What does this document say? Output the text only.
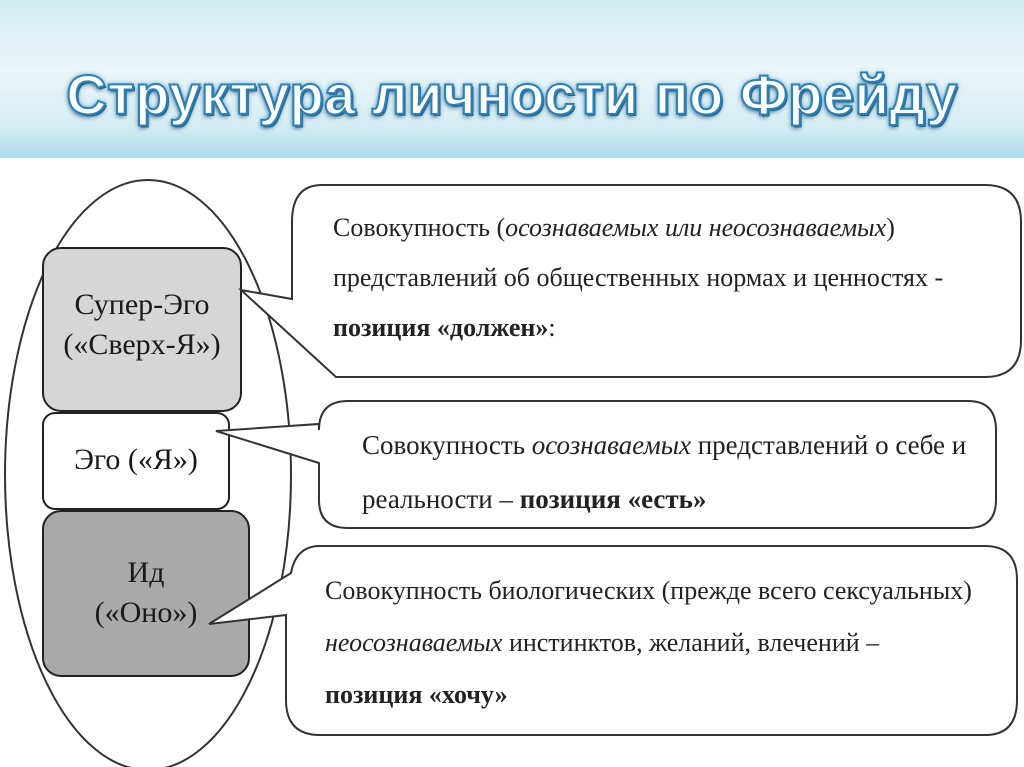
Структура личности по Фрейду
Супер-Эго
(«Сверх-Я»)
Эго («Я»)
Ид
(«Оно»)
Совокупность (осознаваемых или неосознаваемых)
представлений об общественных нормах и ценностях -
позиция «должен»:
Совокупность осознаваемых представлений о себе и
реальности – позиция «есть»
Совокупность биологических (прежде всего сексуальных)
неосознаваемых инстинктов, желаний, влечений –
позиция «хочу»
